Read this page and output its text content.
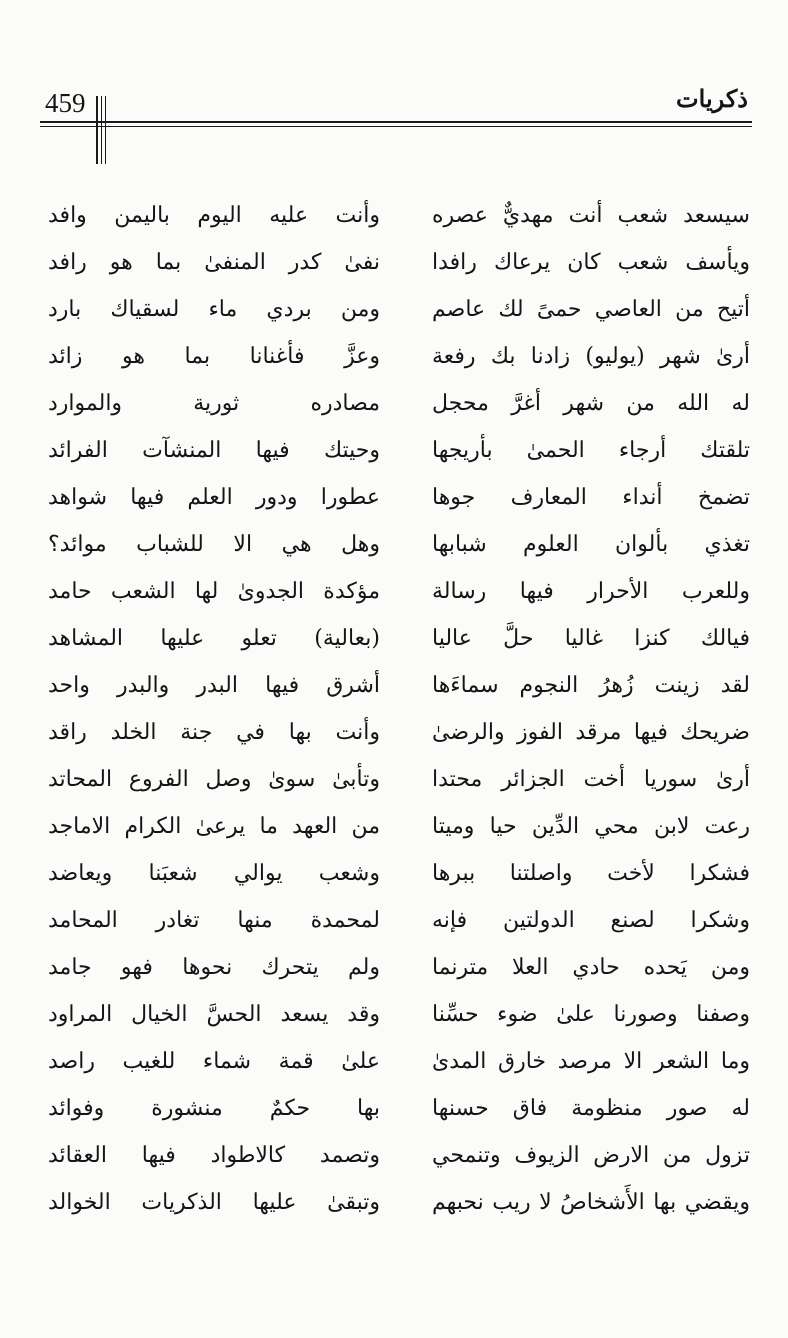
459	ذكريات
سيسعد شعب أنت مهديٌّ عصره
وأنت عليه اليوم باليمن وافد
ويأسف شعب كان يرعاك رافدا
نفىٰ كدر المنفىٰ بما هو رافد
أتيح من العاصي حمىً لك عاصم
ومن بردي ماء لسقياك بارد
أرىٰ شهر (يوليو) زادنا بك رفعة
وعزَّ فأغنانا بما هو زائد
له الله من شهر أغرَّ محجل
مصادره ثورية والموارد
تلقتك أرجاء الحمىٰ بأريجها
وحيتك فيها المنشآت الفرائد
تضمخ أنداء المعارف جوها
عطورا ودور العلم فيها شواهد
تغذي بألوان العلوم شبابها
وهل هي الا للشباب موائد؟
وللعرب الأحرار فيها رسالة
مؤكدة الجدوىٰ لها الشعب حامد
فيالك كنزا غاليا حلَّ عاليا
(بعالية) تعلو عليها المشاهد
لقد زينت زُهرُ النجوم سماءَها
أشرق فيها البدر والبدر واحد
ضريحك فيها مرقد الفوز والرضىٰ
وأنت بها في جنة الخلد راقد
أرىٰ سوريا أخت الجزائر محتدا
وتأبىٰ سوىٰ وصل الفروع المحاتد
رعت لابن محي الدِّين حيا وميتا
من العهد ما يرعىٰ الكرام الاماجد
فشكرا لأخت واصلتنا ببرها
وشعب يوالي شعبَنا ويعاضد
وشكرا لصنع الدولتين فإنه
لمحمدة منها تغادر المحامد
ومن يَحده حادي العلا مترنما
ولم يتحرك نحوها فهو جامد
وصفنا وصورنا علىٰ ضوء حسِّنا
وقد يسعد الحسَّ الخيال المراود
وما الشعر الا مرصد خارق المدىٰ
علىٰ قمة شماء للغيب راصد
له صور منظومة فاق حسنها
بها حكمٌ منشورة وفوائد
تزول من الارض الزيوف وتنمحي
وتصمد كالاطواد فيها العقائد
ويقضي بها الأَشخاصُ لا ريب نحبهم
وتبقىٰ عليها الذكريات الخوالد
